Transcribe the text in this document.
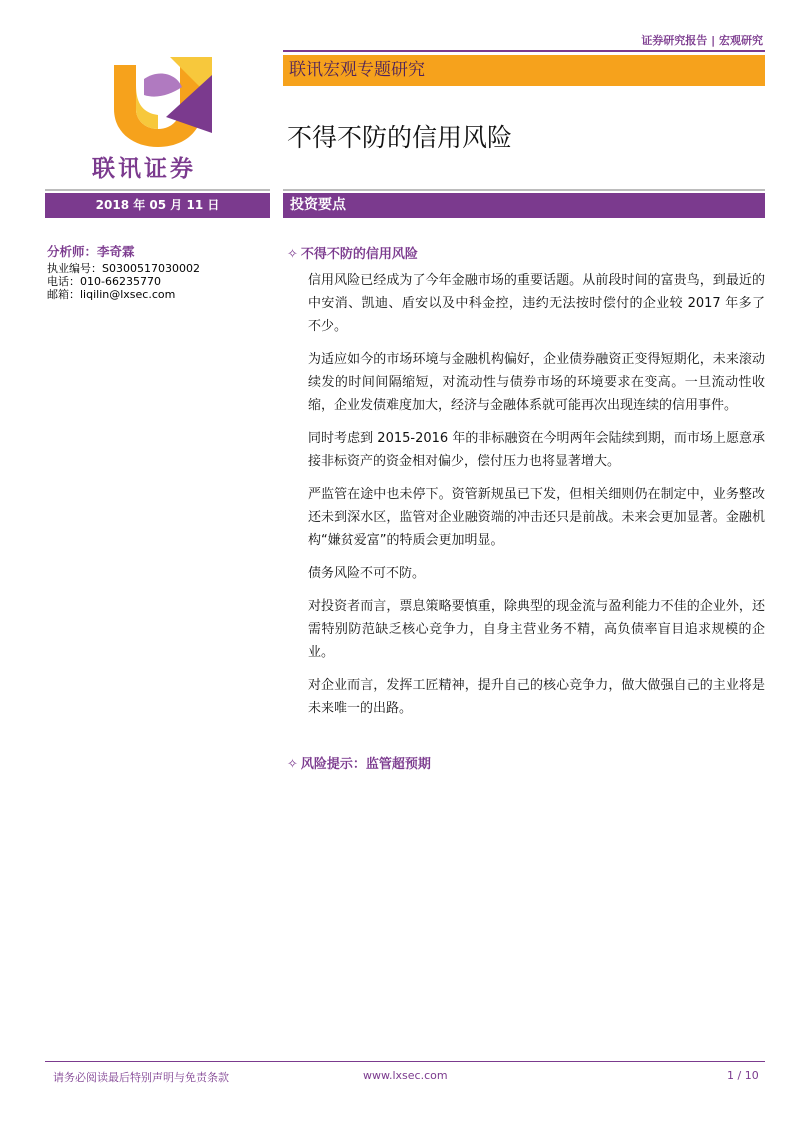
证券研究报告 | 宏观研究
联讯宏观专题研究
不得不防的信用风险
联讯证券
2018 年 05 月 11 日	投资要点
分析师：李奇霖
执业编号：S0300517030002
电话：010-66235770
邮箱：liqilin@lxsec.com
✧ 不得不防的信用风险

信用风险已经成为了今年金融市场的重要话题。从前段时间的富贵鸟，到最近的中安消、凯迪、盾安以及中科金控，违约无法按时偿付的企业较 2017 年多了不少。

为适应如今的市场环境与金融机构偏好，企业债券融资正变得短期化，未来滚动续发的时间间隔缩短，对流动性与债券市场的环境要求在变高。一旦流动性收缩，企业发债难度加大，经济与金融体系就可能再次出现连续的信用事件。

同时考虑到 2015-2016 年的非标融资在今明两年会陆续到期，而市场上愿意承接非标资产的资金相对偏少，偿付压力也将显著增大。

严监管在途中也未停下。资管新规虽已下发，但相关细则仍在制定中，业务整改还未到深水区，监管对企业融资端的冲击还只是前战。未来会更加显著。金融机构“嫌贫爱富”的特质会更加明显。

债务风险不可不防。

对投资者而言，票息策略要慎重，除典型的现金流与盈利能力不佳的企业外，还需特别防范缺乏核心竞争力，自身主营业务不精，高负债率盲目追求规模的企业。

对企业而言，发挥工匠精神，提升自己的核心竞争力，做大做强自己的主业将是未来唯一的出路。

✧ 风险提示：监管超预期
请务必阅读最后特别声明与免责条款	www.lxsec.com	1 / 10
